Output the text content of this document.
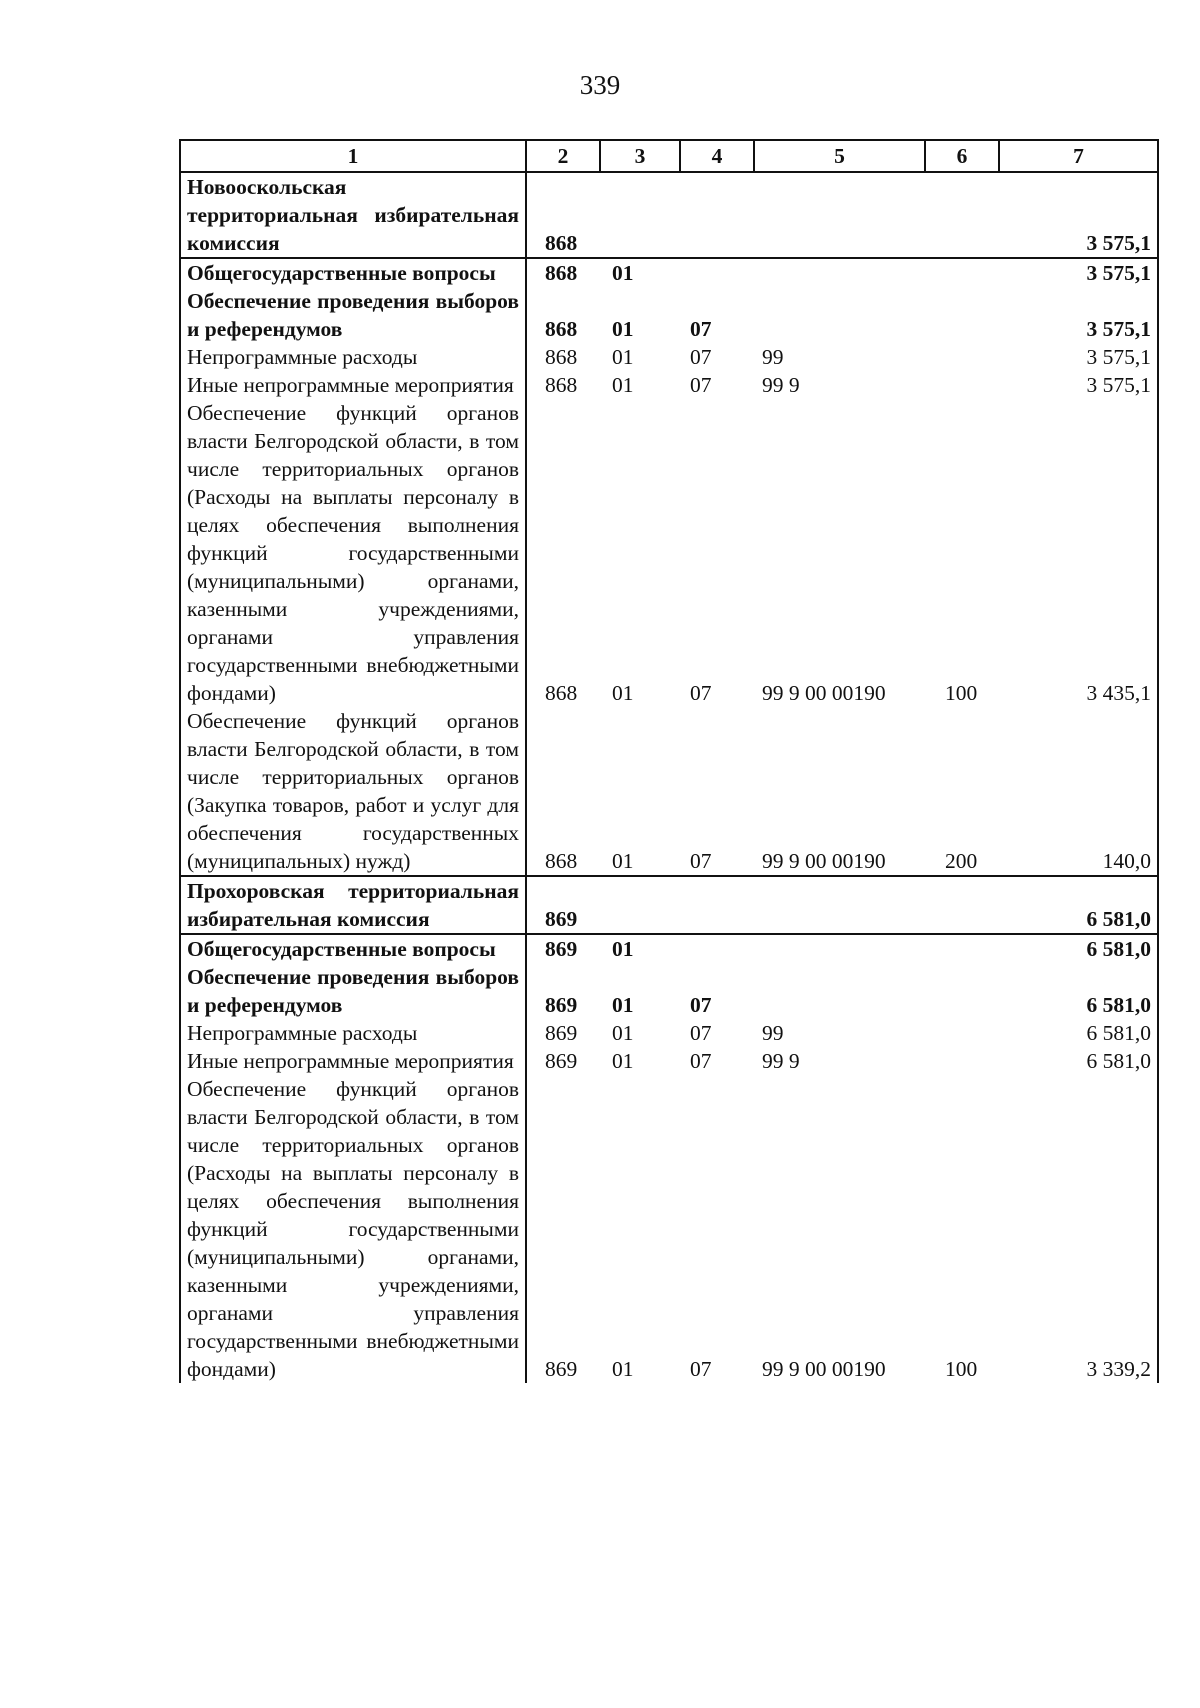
339
1	2	3	4	5	6	7
Новооскольская территориальная избирательная комиссия	868					3 575,1
Общегосударственные вопросы	868	01				3 575,1
Обеспечение проведения выборов и референдумов	868	01	07			3 575,1
Непрограммные расходы	868	01	07	99		3 575,1
Иные непрограммные мероприятия	868	01	07	99 9		3 575,1
Обеспечение функций органов власти Белгородской области, в том числе территориальных органов (Расходы на выплаты персоналу в целях обеспечения выполнения функций государственными (муниципальными) органами, казенными учреждениями, органами управления государственными внебюджетными фондами)	868	01	07	99 9 00 00190	100	3 435,1
Обеспечение функций органов власти Белгородской области, в том числе территориальных органов (Закупка товаров, работ и услуг для обеспечения государственных (муниципальных) нужд)	868	01	07	99 9 00 00190	200	140,0
Прохоровская территориальная избирательная комиссия	869					6 581,0
Общегосударственные вопросы	869	01				6 581,0
Обеспечение проведения выборов и референдумов	869	01	07			6 581,0
Непрограммные расходы	869	01	07	99		6 581,0
Иные непрограммные мероприятия	869	01	07	99 9		6 581,0
Обеспечение функций органов власти Белгородской области, в том числе территориальных органов (Расходы на выплаты персоналу в целях обеспечения выполнения функций государственными (муниципальными) органами, казенными учреждениями, органами управления государственными внебюджетными фондами)	869	01	07	99 9 00 00190	100	3 339,2
